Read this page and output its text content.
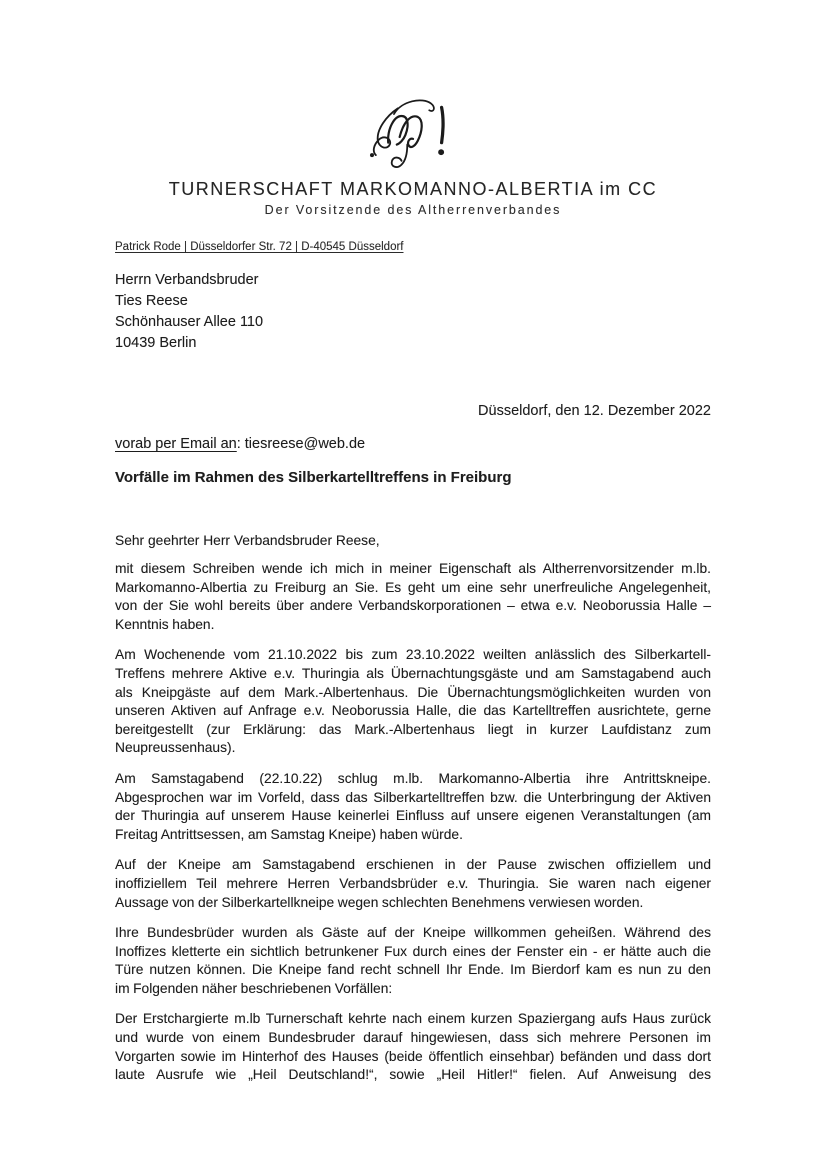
TURNERSCHAFT MARKOMANNO-ALBERTIA im CC
Der Vorsitzende des Altherrenverbandes
Patrick Rode | Düsseldorfer Str. 72 | D-40545 Düsseldorf
Herrn Verbandsbruder
Ties Reese
Schönhauser Allee 110
10439 Berlin
Düsseldorf, den 12. Dezember 2022
vorab per Email an: tiesreese@web.de
Vorfälle im Rahmen des Silberkartelltreffens in Freiburg
Sehr geehrter Herr Verbandsbruder Reese,
mit diesem Schreiben wende ich mich in meiner Eigenschaft als Altherrenvorsitzender m.lb.
Markomanno-Albertia zu Freiburg an Sie. Es geht um eine sehr unerfreuliche Angelegenheit,
von der Sie wohl bereits über andere Verbandskorporationen – etwa e.v. Neoborussia Halle –
Kenntnis haben.
Am Wochenende vom 21.10.2022 bis zum 23.10.2022 weilten anlässlich des Silberkartell-
Treffens mehrere Aktive e.v. Thuringia als Übernachtungsgäste und am Samstagabend auch
als Kneipgäste auf dem Mark.-Albertenhaus. Die Übernachtungsmöglichkeiten wurden von
unseren Aktiven auf Anfrage e.v. Neoborussia Halle, die das Kartelltreffen ausrichtete, gerne
bereitgestellt (zur Erklärung: das Mark.-Albertenhaus liegt in kurzer Laufdistanz zum
Neupreussenhaus).
Am Samstagabend (22.10.22) schlug m.lb. Markomanno-Albertia ihre Antrittskneipe.
Abgesprochen war im Vorfeld, dass das Silberkartelltreffen bzw. die Unterbringung der Aktiven
der Thuringia auf unserem Hause keinerlei Einfluss auf unsere eigenen Veranstaltungen (am
Freitag Antrittsessen, am Samstag Kneipe) haben würde.
Auf der Kneipe am Samstagabend erschienen in der Pause zwischen offiziellem und
inoffiziellem Teil mehrere Herren Verbandsbrüder e.v. Thuringia. Sie waren nach eigener
Aussage von der Silberkartellkneipe wegen schlechten Benehmens verwiesen worden.
Ihre Bundesbrüder wurden als Gäste auf der Kneipe willkommen geheißen. Während des
Inoffizes kletterte ein sichtlich betrunkener Fux durch eines der Fenster ein - er hätte auch die
Türe nutzen können. Die Kneipe fand recht schnell Ihr Ende. Im Bierdorf kam es nun zu den
im Folgenden näher beschriebenen Vorfällen:
Der Erstchargierte m.lb Turnerschaft kehrte nach einem kurzen Spaziergang aufs Haus zurück
und wurde von einem Bundesbruder darauf hingewiesen, dass sich mehrere Personen im
Vorgarten sowie im Hinterhof des Hauses (beide öffentlich einsehbar) befänden und dass dort
laute Ausrufe wie „Heil Deutschland!“, sowie „Heil Hitler!“ fielen. Auf Anweisung des
